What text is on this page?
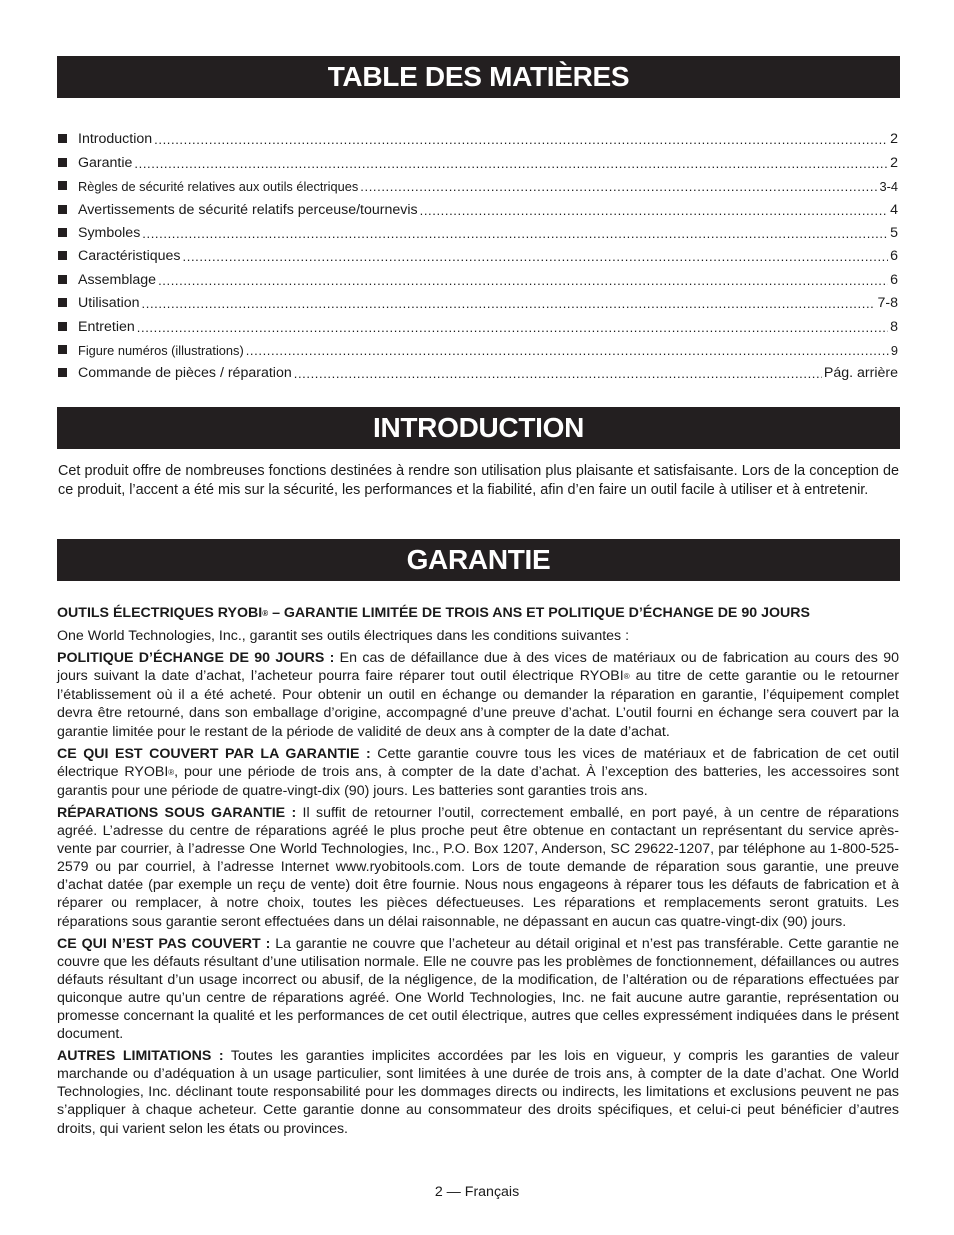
TABLE DES MATIÈRES
Introduction .....	2
Garantie .....	2
Règles de sécurité relatives aux outils électriques .....	3-4
Avertissements de sécurité relatifs perceuse/tournevis .....	4
Symboles .....	5
Caractéristiques .....	6
Assemblage .....	6
Utilisation .....	7-8
Entretien .....	8
Figure numéros (illustrations) .....	9
Commande de pièces / réparation .....	Pág. arrière
INTRODUCTION

Cet produit offre de nombreuses fonctions destinées à rendre son utilisation plus plaisante et satisfaisante. Lors de la conception de ce produit, l’accent a été mis sur la sécurité, les performances et la fiabilité, afin d’en faire un outil facile à utiliser et à entretenir.

GARANTIE

OUTILS ÉLECTRIQUES RYOBI® – GARANTIE LIMITÉE DE TROIS ANS ET POLITIQUE D’ÉCHANGE DE 90 JOURS

One World Technologies, Inc., garantit ses outils électriques dans les conditions suivantes :

POLITIQUE D’ÉCHANGE DE 90 JOURS : En cas de défaillance due à des vices de matériaux ou de fabrication au cours des 90 jours suivant la date d’achat, l’acheteur pourra faire réparer tout outil électrique RYOBI® au titre de cette garantie ou le retourner l’établissement où il a été acheté. Pour obtenir un outil en échange ou demander la réparation en garantie, l’équipement complet devra être retourné, dans son emballage d’origine, accompagné d’une preuve d’achat. L’outil fourni en échange sera couvert par la garantie limitée pour le restant de la période de validité de deux ans à compter de la date d’achat.

CE QUI EST COUVERT PAR LA GARANTIE : Cette garantie couvre tous les vices de matériaux et de fabrication de cet outil électrique RYOBI®, pour une période de trois ans, à compter de la date d’achat. À l’exception des batteries, les accessoires sont garantis pour une période de quatre-vingt-dix (90) jours. Les batteries sont garanties trois ans.

RÉPARATIONS SOUS GARANTIE : Il suffit de retourner l’outil, correctement emballé, en port payé, à un centre de réparations agréé. L’adresse du centre de réparations agréé le plus proche peut être obtenue en contactant un représentant du service après-vente par courrier, à l’adresse One World Technologies, Inc., P.O. Box 1207, Anderson, SC 29622-1207, par téléphone au 1-800-525-2579 ou par courriel, à l’adresse Internet www.ryobitools.com. Lors de toute demande de réparation sous garantie, une preuve d’achat datée (par exemple un reçu de vente) doit être fournie. Nous nous engageons à réparer tous les défauts de fabrication et à réparer ou remplacer, à notre choix, toutes les pièces défectueuses. Les réparations et remplacements seront gratuits. Les réparations sous garantie seront effectuées dans un délai raisonnable, ne dépassant en aucun cas quatre-vingt-dix (90) jours.

CE QUI N’EST PAS COUVERT : La garantie ne couvre que l’acheteur au détail original et n’est pas transférable. Cette garantie ne couvre que les défauts résultant d’une utilisation normale. Elle ne couvre pas les problèmes de fonctionnement, défaillances ou autres défauts résultant d’un usage incorrect ou abusif, de la négligence, de la modification, de l’altération ou de réparations effectuées par quiconque autre qu’un centre de réparations agréé. One World Technologies, Inc. ne fait aucune autre garantie, représentation ou promesse concernant la qualité et les performances de cet outil électrique, autres que celles expressément indiquées dans le présent document.

AUTRES LIMITATIONS : Toutes les garanties implicites accordées par les lois en vigueur, y compris les garanties de valeur marchande ou d’adéquation à un usage particulier, sont limitées à une durée de trois ans, à compter de la date d’achat. One World Technologies, Inc. déclinant toute responsabilité pour les dommages directs ou indirects, les limitations et exclusions peuvent ne pas s’appliquer à chaque acheteur. Cette garantie donne au consommateur des droits spécifiques, et celui-ci peut bénéficier d’autres droits, qui varient selon les états ou provinces.

2 — Français
